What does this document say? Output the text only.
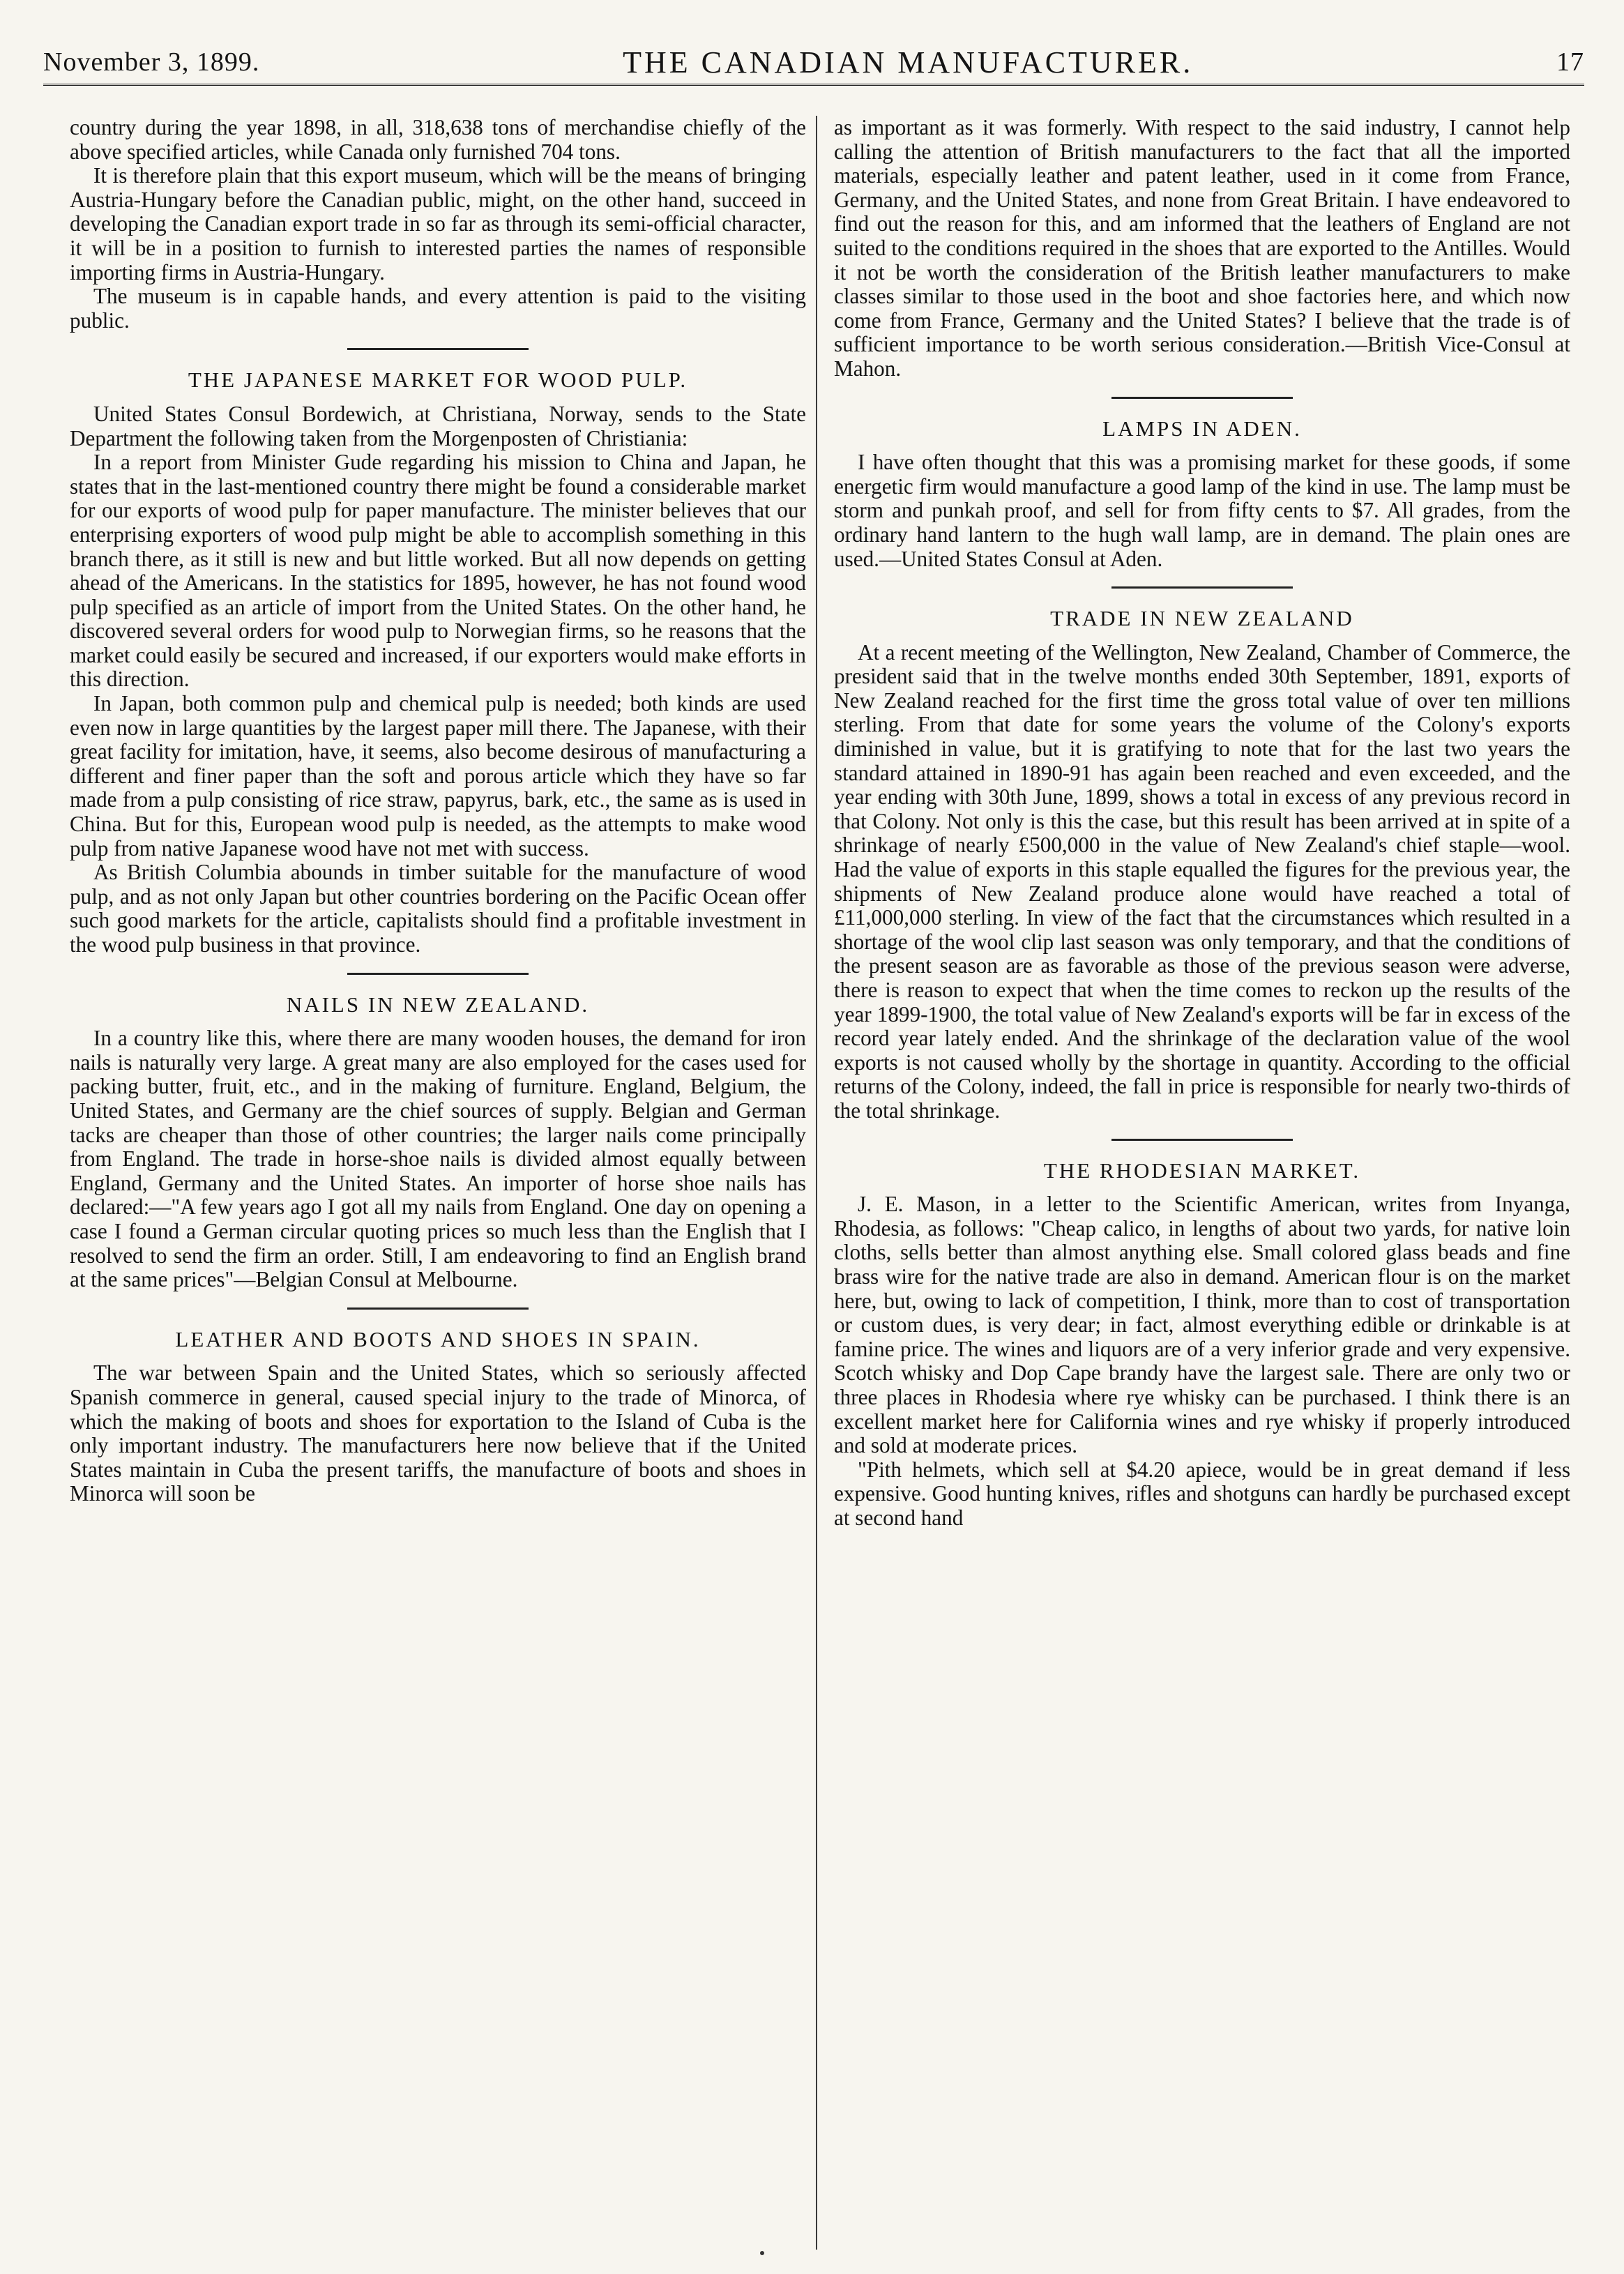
November 3, 1899.	THE CANADIAN MANUFACTURER.	17

country during the year 1898, in all, 318,638 tons of merchandise chiefly of the above specified articles, while Canada only furnished 704 tons.

It is therefore plain that this export museum, which will be the means of bringing Austria-Hungary before the Canadian public, might, on the other hand, succeed in developing the Canadian export trade in so far as through its semi-official character, it will be in a position to furnish to interested parties the names of responsible importing firms in Austria-Hungary.

The museum is in capable hands, and every attention is paid to the visiting public.

THE JAPANESE MARKET FOR WOOD PULP.

United States Consul Bordewich, at Christiana, Norway, sends to the State Department the following taken from the Morgenposten of Christiania:

In a report from Minister Gude regarding his mission to China and Japan, he states that in the last-mentioned country there might be found a considerable market for our exports of wood pulp for paper manufacture. The minister believes that our enterprising exporters of wood pulp might be able to accomplish something in this branch there, as it still is new and but little worked. But all now depends on getting ahead of the Americans. In the statistics for 1895, however, he has not found wood pulp specified as an article of import from the United States. On the other hand, he discovered several orders for wood pulp to Norwegian firms, so he reasons that the market could easily be secured and increased, if our exporters would make efforts in this direction.

In Japan, both common pulp and chemical pulp is needed; both kinds are used even now in large quantities by the largest paper mill there. The Japanese, with their great facility for imitation, have, it seems, also become desirous of manufacturing a different and finer paper than the soft and porous article which they have so far made from a pulp consisting of rice straw, papyrus, bark, etc., the same as is used in China. But for this, European wood pulp is needed, as the attempts to make wood pulp from native Japanese wood have not met with success.

As British Columbia abounds in timber suitable for the manufacture of wood pulp, and as not only Japan but other countries bordering on the Pacific Ocean offer such good markets for the article, capitalists should find a profitable investment in the wood pulp business in that province.

NAILS IN NEW ZEALAND.

In a country like this, where there are many wooden houses, the demand for iron nails is naturally very large. A great many are also employed for the cases used for packing butter, fruit, etc., and in the making of furniture. England, Belgium, the United States, and Germany are the chief sources of supply. Belgian and German tacks are cheaper than those of other countries; the larger nails come principally from England. The trade in horse-shoe nails is divided almost equally between England, Germany and the United States. An importer of horse shoe nails has declared:—"A few years ago I got all my nails from England. One day on opening a case I found a German circular quoting prices so much less than the English that I resolved to send the firm an order. Still, I am endeavoring to find an English brand at the same prices"—Belgian Consul at Melbourne.

LEATHER AND BOOTS AND SHOES IN SPAIN.

The war between Spain and the United States, which so seriously affected Spanish commerce in general, caused special injury to the trade of Minorca, of which the making of boots and shoes for exportation to the Island of Cuba is the only important industry. The manufacturers here now believe that if the United States maintain in Cuba the present tariffs, the manufacture of boots and shoes in Minorca will soon be

as important as it was formerly. With respect to the said industry, I cannot help calling the attention of British manufacturers to the fact that all the imported materials, especially leather and patent leather, used in it come from France, Germany, and the United States, and none from Great Britain. I have endeavored to find out the reason for this, and am informed that the leathers of England are not suited to the conditions required in the shoes that are exported to the Antilles. Would it not be worth the consideration of the British leather manufacturers to make classes similar to those used in the boot and shoe factories here, and which now come from France, Germany and the United States? I believe that the trade is of sufficient importance to be worth serious consideration.—British Vice-Consul at Mahon.

LAMPS IN ADEN.

I have often thought that this was a promising market for these goods, if some energetic firm would manufacture a good lamp of the kind in use. The lamp must be storm and punkah proof, and sell for from fifty cents to $7. All grades, from the ordinary hand lantern to the hugh wall lamp, are in demand. The plain ones are used.—United States Consul at Aden.

TRADE IN NEW ZEALAND

At a recent meeting of the Wellington, New Zealand, Chamber of Commerce, the president said that in the twelve months ended 30th September, 1891, exports of New Zealand reached for the first time the gross total value of over ten millions sterling. From that date for some years the volume of the Colony's exports diminished in value, but it is gratifying to note that for the last two years the standard attained in 1890-91 has again been reached and even exceeded, and the year ending with 30th June, 1899, shows a total in excess of any previous record in that Colony. Not only is this the case, but this result has been arrived at in spite of a shrinkage of nearly £500,000 in the value of New Zealand's chief staple—wool. Had the value of exports in this staple equalled the figures for the previous year, the shipments of New Zealand produce alone would have reached a total of £11,000,000 sterling. In view of the fact that the circumstances which resulted in a shortage of the wool clip last season was only temporary, and that the conditions of the present season are as favorable as those of the previous season were adverse, there is reason to expect that when the time comes to reckon up the results of the year 1899-1900, the total value of New Zealand's exports will be far in excess of the record year lately ended. And the shrinkage of the declaration value of the wool exports is not caused wholly by the shortage in quantity. According to the official returns of the Colony, indeed, the fall in price is responsible for nearly two-thirds of the total shrinkage.

THE RHODESIAN MARKET.

J. E. Mason, in a letter to the Scientific American, writes from Inyanga, Rhodesia, as follows: "Cheap calico, in lengths of about two yards, for native loin cloths, sells better than almost anything else. Small colored glass beads and fine brass wire for the native trade are also in demand. American flour is on the market here, but, owing to lack of competition, I think, more than to cost of transportation or custom dues, is very dear; in fact, almost everything edible or drinkable is at famine price. The wines and liquors are of a very inferior grade and very expensive. Scotch whisky and Dop Cape brandy have the largest sale. There are only two or three places in Rhodesia where rye whisky can be purchased. I think there is an excellent market here for California wines and rye whisky if properly introduced and sold at moderate prices.

"Pith helmets, which sell at $4.20 apiece, would be in great demand if less expensive. Good hunting knives, rifles and shotguns can hardly be purchased except at second hand
